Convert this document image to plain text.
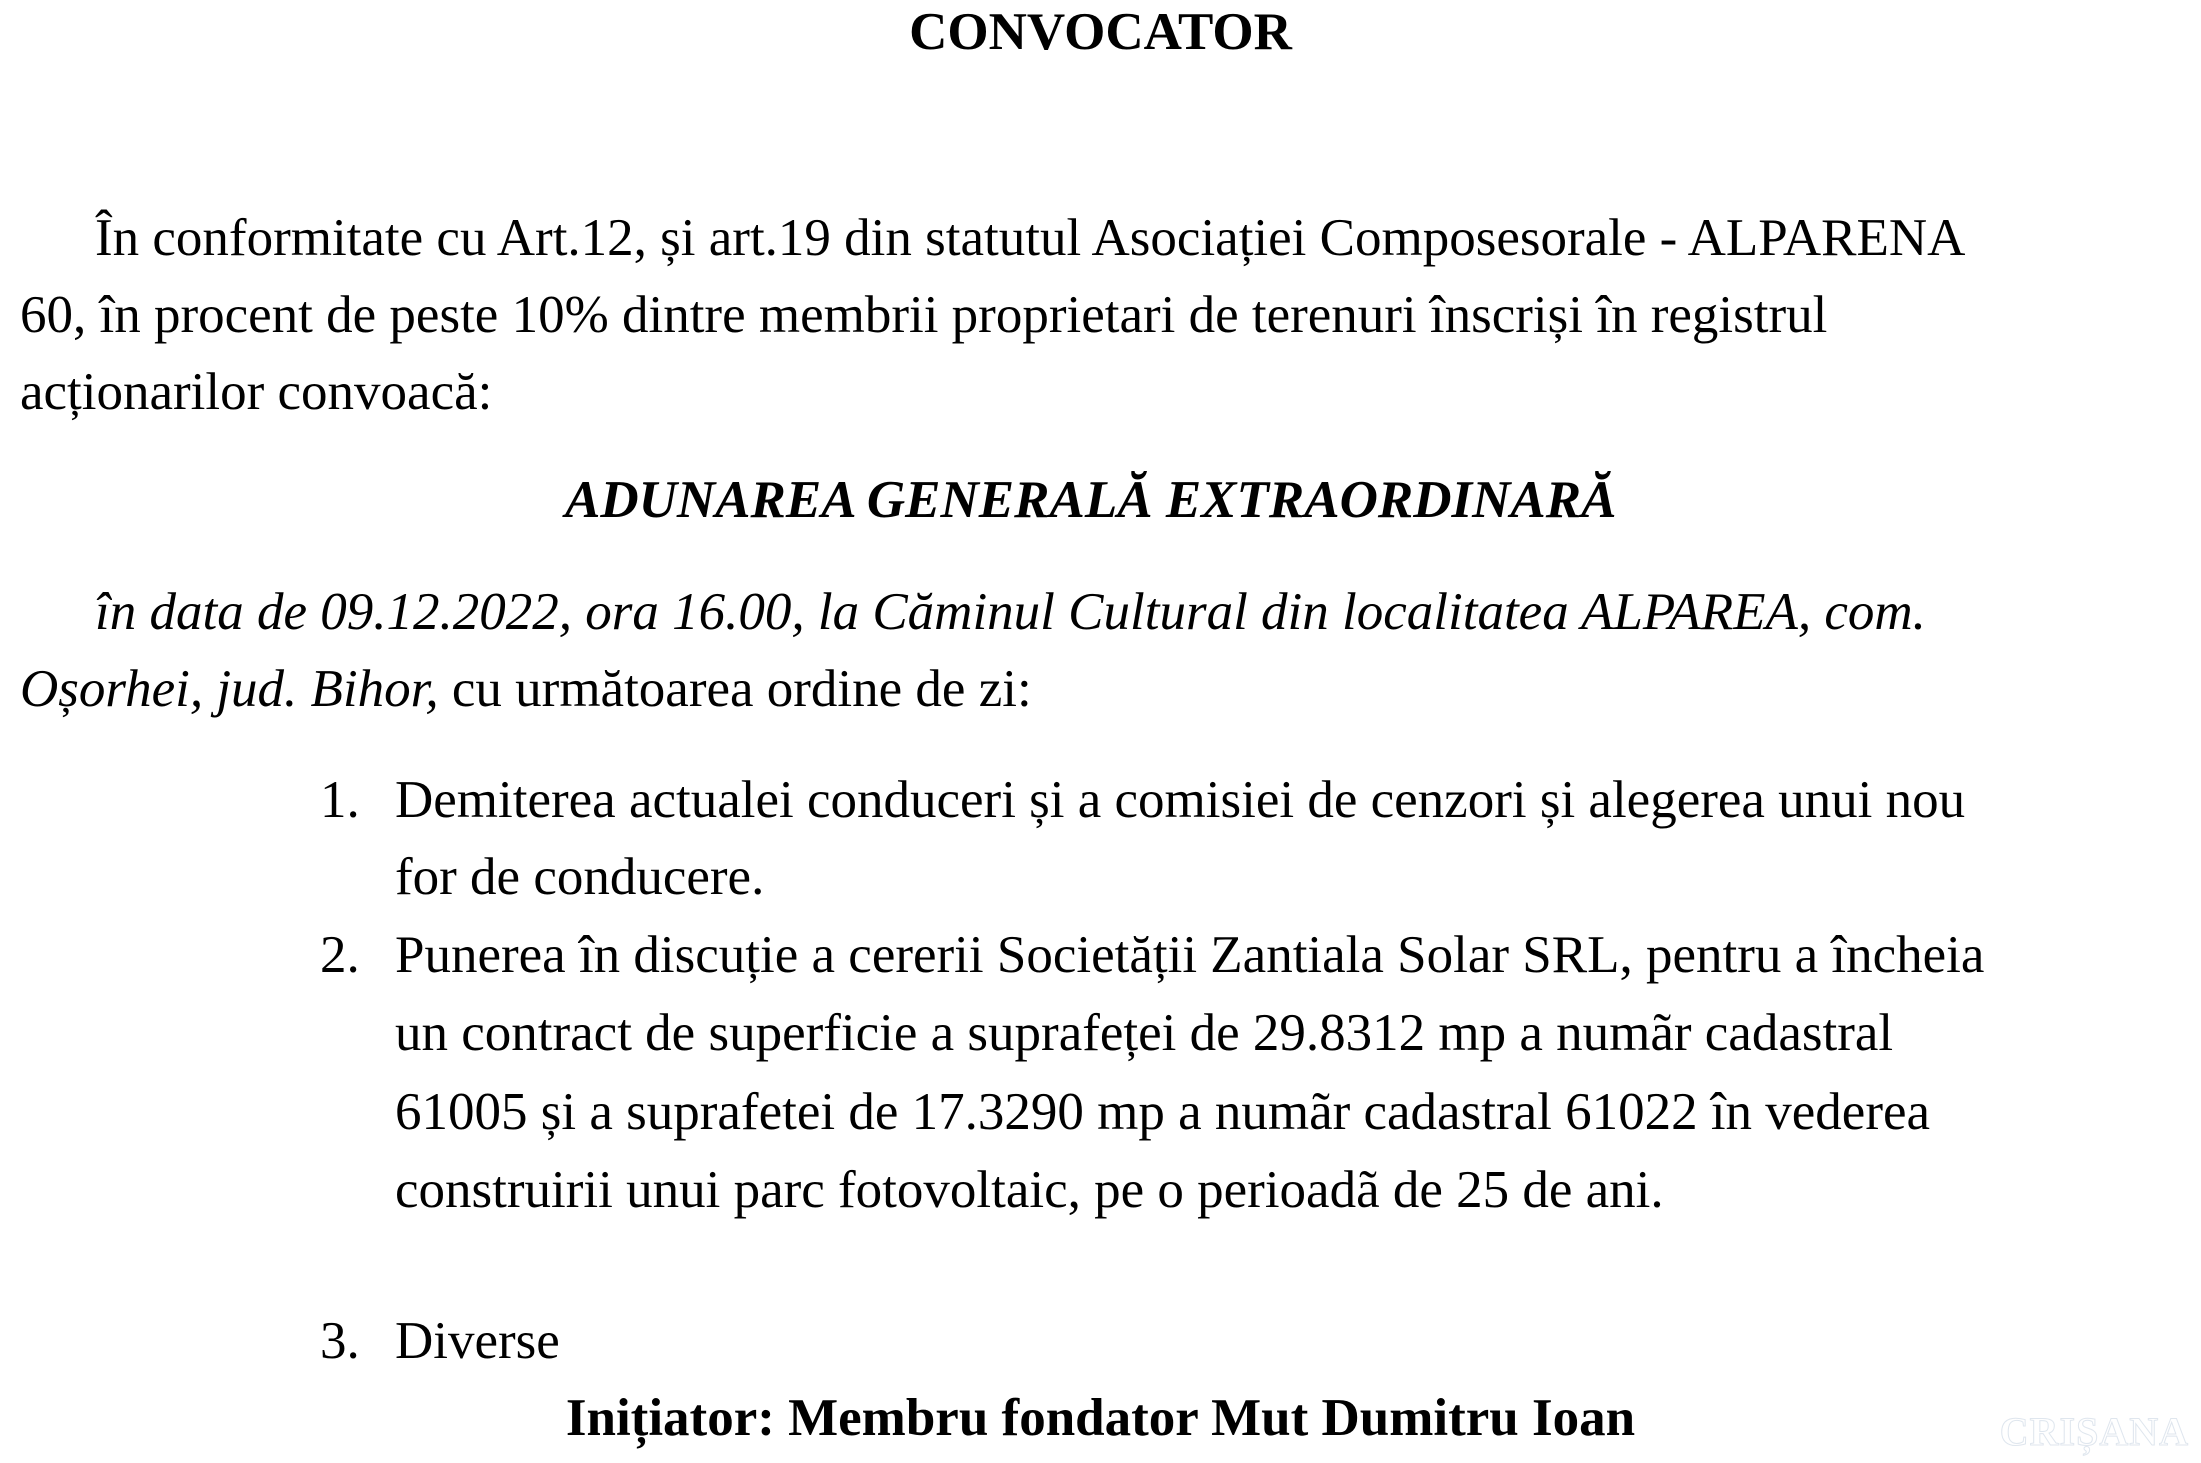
CONVOCATOR
În conformitate cu Art.12, și art.19 din statutul Asociației Composesorale - ALPARENA
60, în procent de peste 10% dintre membrii proprietari de terenuri înscriși în registrul
acționarilor convoacă:
ADUNAREA GENERALĂ EXTRAORDINARĂ
în data de 09.12.2022, ora 16.00, la Căminul Cultural din localitatea ALPAREA, com.
Oșorhei, jud. Bihor, cu următoarea ordine de zi:
1. Demiterea actualei conduceri și a comisiei de cenzori și alegerea unui nou
for de conducere.
2. Punerea în discuție a cererii Societății Zantiala Solar SRL, pentru a încheia
un contract de superficie a suprafeței de 29.8312 mp a numãr cadastral
61005 și a suprafetei de 17.3290 mp a numãr cadastral 61022 în vederea
construirii unui parc fotovoltaic, pe o perioadã de 25 de ani.
3. Diverse
Inițiator: Membru fondator Mut Dumitru Ioan	CRIȘANA
